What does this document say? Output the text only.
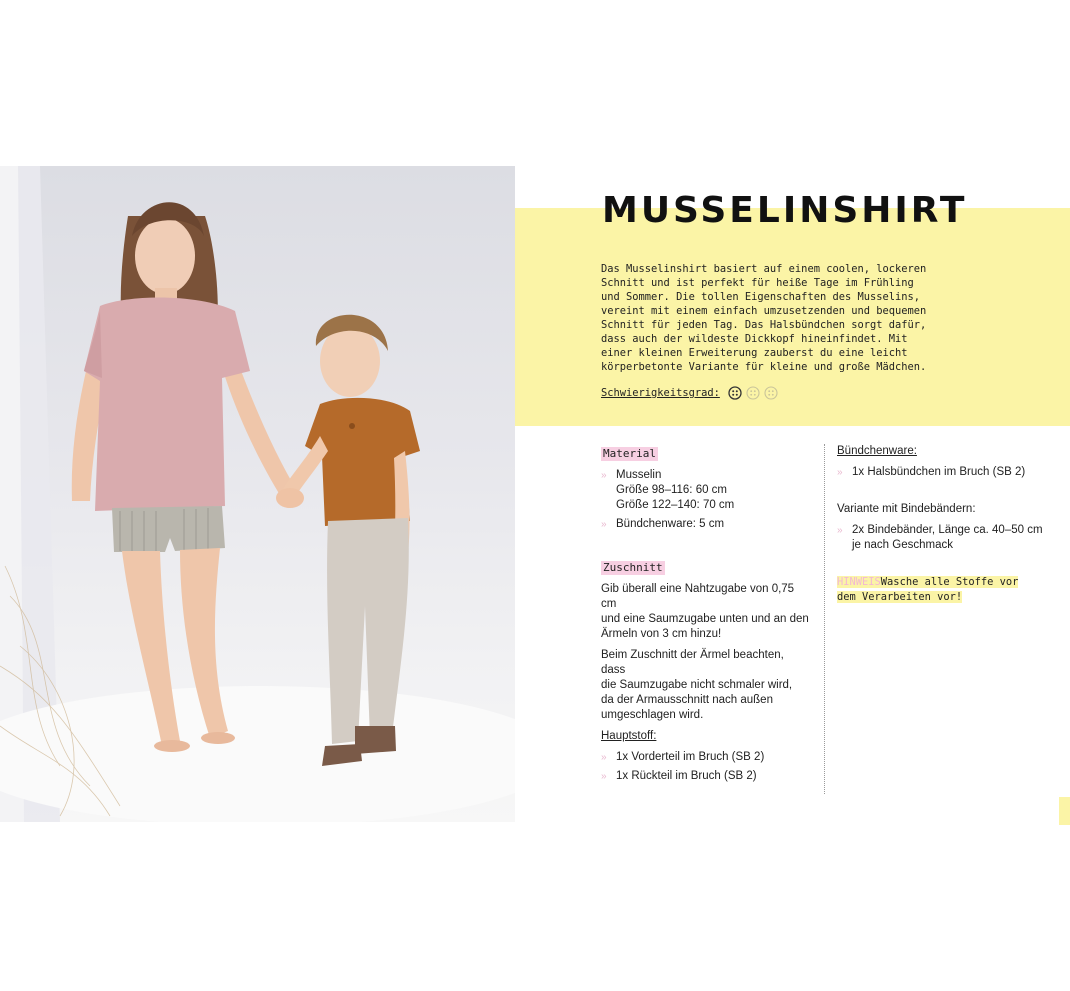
MUSSELINSHIRT
Das Musselinshirt basiert auf einem coolen, lockeren
Schnitt und ist perfekt für heiße Tage im Frühling
und Sommer. Die tollen Eigenschaften des Musselins,
vereint mit einem einfach umzusetzenden und bequemen
Schnitt für jeden Tag. Das Halsbündchen sorgt dafür,
dass auch der wildeste Dickkopf hineinfindet. Mit
einer kleinen Erweiterung zauberst du eine leicht
körperbetonte Variante für kleine und große Mädchen.
Schwierigkeitsgrad:
Material
» Musselin
Größe 98–116: 60 cm
Größe 122–140: 70 cm
» Bündchenware: 5 cm
Zuschnitt
Gib überall eine Nahtzugabe von 0,75 cm
und eine Saumzugabe unten und an den
Ärmeln von 3 cm hinzu!
Beim Zuschnitt der Ärmel beachten, dass
die Saumzugabe nicht schmaler wird,
da der Armausschnitt nach außen
umgeschlagen wird.
Hauptstoff:
» 1x Vorderteil im Bruch (SB 2)
» 1x Rückteil im Bruch (SB 2)
Bündchenware:
» 1x Halsbündchen im Bruch (SB 2)
Variante mit Bindebändern:
» 2x Bindebänder, Länge ca. 40–50 cm
je nach Geschmack
HINWEISWasche alle Stoffe vor
dem Verarbeiten vor!
